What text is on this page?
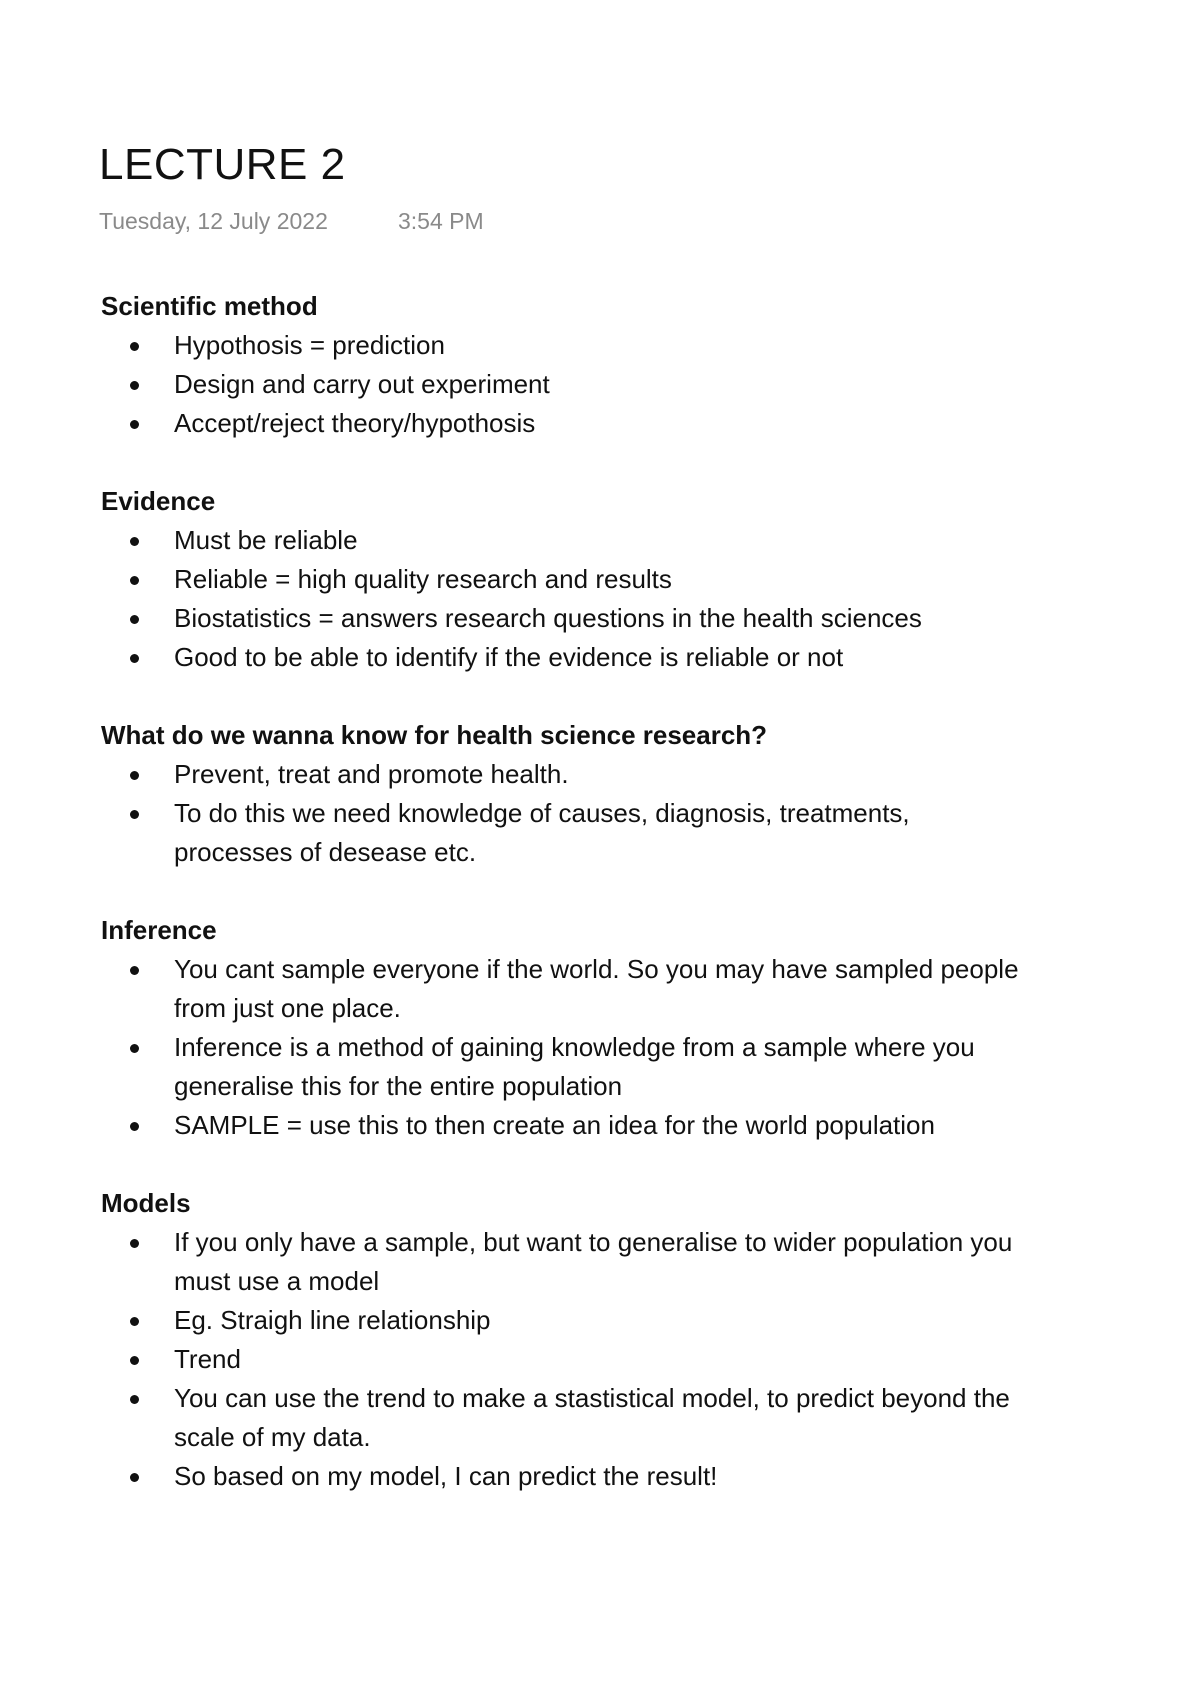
LECTURE 2
Tuesday, 12 July 2022	3:54 PM
Scientific method
Hypothosis = prediction
Design and carry out experiment
Accept/reject theory/hypothosis
Evidence
Must be reliable
Reliable = high quality research and results
Biostatistics = answers research questions in the health sciences
Good to be able to identify if the evidence is reliable or not
What do we wanna know for health science research?
Prevent, treat and promote health.
To do this we need knowledge of causes, diagnosis, treatments, processes of desease etc.
Inference
You cant sample everyone if the world. So you may have sampled people from just one place.
Inference is a method of gaining knowledge from a sample where you generalise this for the entire population
SAMPLE = use this to then create an idea for the world population
Models
If you only have a sample, but want to generalise to wider population you must use a model
Eg. Straigh line relationship
Trend
You can use the trend to make a stastistical model, to predict beyond the scale of my data.
So based on my model, I can predict the result!
